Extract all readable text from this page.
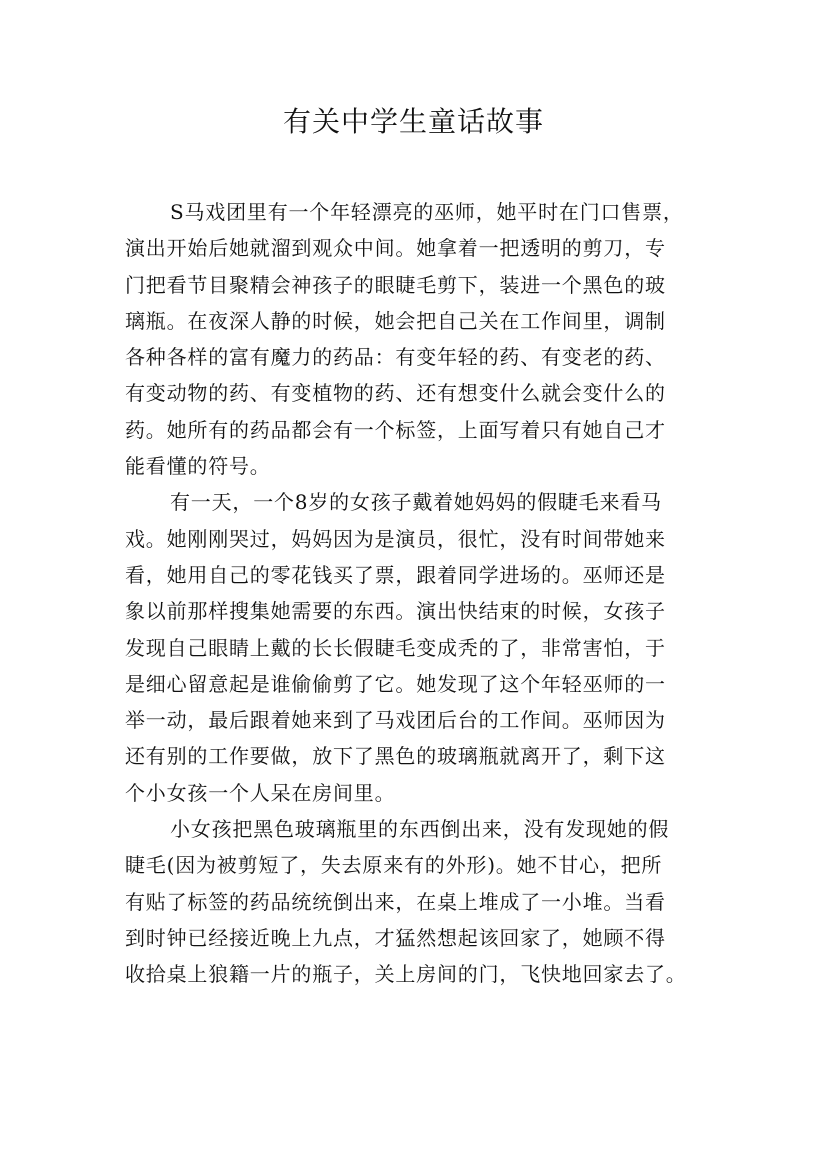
有关中学生童话故事

S马戏团里有一个年轻漂亮的巫师，她平时在门口售票，
演出开始后她就溜到观众中间。她拿着一把透明的剪刀，专
门把看节目聚精会神孩子的眼睫毛剪下，装进一个黑色的玻
璃瓶。在夜深人静的时候，她会把自己关在工作间里，调制
各种各样的富有魔力的药品：有变年轻的药、有变老的药、
有变动物的药、有变植物的药、还有想变什么就会变什么的
药。她所有的药品都会有一个标签，上面写着只有她自己才
能看懂的符号。

有一天，一个8岁的女孩子戴着她妈妈的假睫毛来看马
戏。她刚刚哭过，妈妈因为是演员，很忙，没有时间带她来
看，她用自己的零花钱买了票，跟着同学进场的。巫师还是
象以前那样搜集她需要的东西。演出快结束的时候，女孩子
发现自己眼睛上戴的长长假睫毛变成秃的了，非常害怕，于
是细心留意起是谁偷偷剪了它。她发现了这个年轻巫师的一
举一动，最后跟着她来到了马戏团后台的工作间。巫师因为
还有别的工作要做，放下了黑色的玻璃瓶就离开了，剩下这
个小女孩一个人呆在房间里。

小女孩把黑色玻璃瓶里的东西倒出来，没有发现她的假
睫毛(因为被剪短了，失去原来有的外形)。她不甘心，把所
有贴了标签的药品统统倒出来，在桌上堆成了一小堆。当看
到时钟已经接近晚上九点，才猛然想起该回家了，她顾不得
收拾桌上狼籍一片的瓶子，关上房间的门，飞快地回家去了。
